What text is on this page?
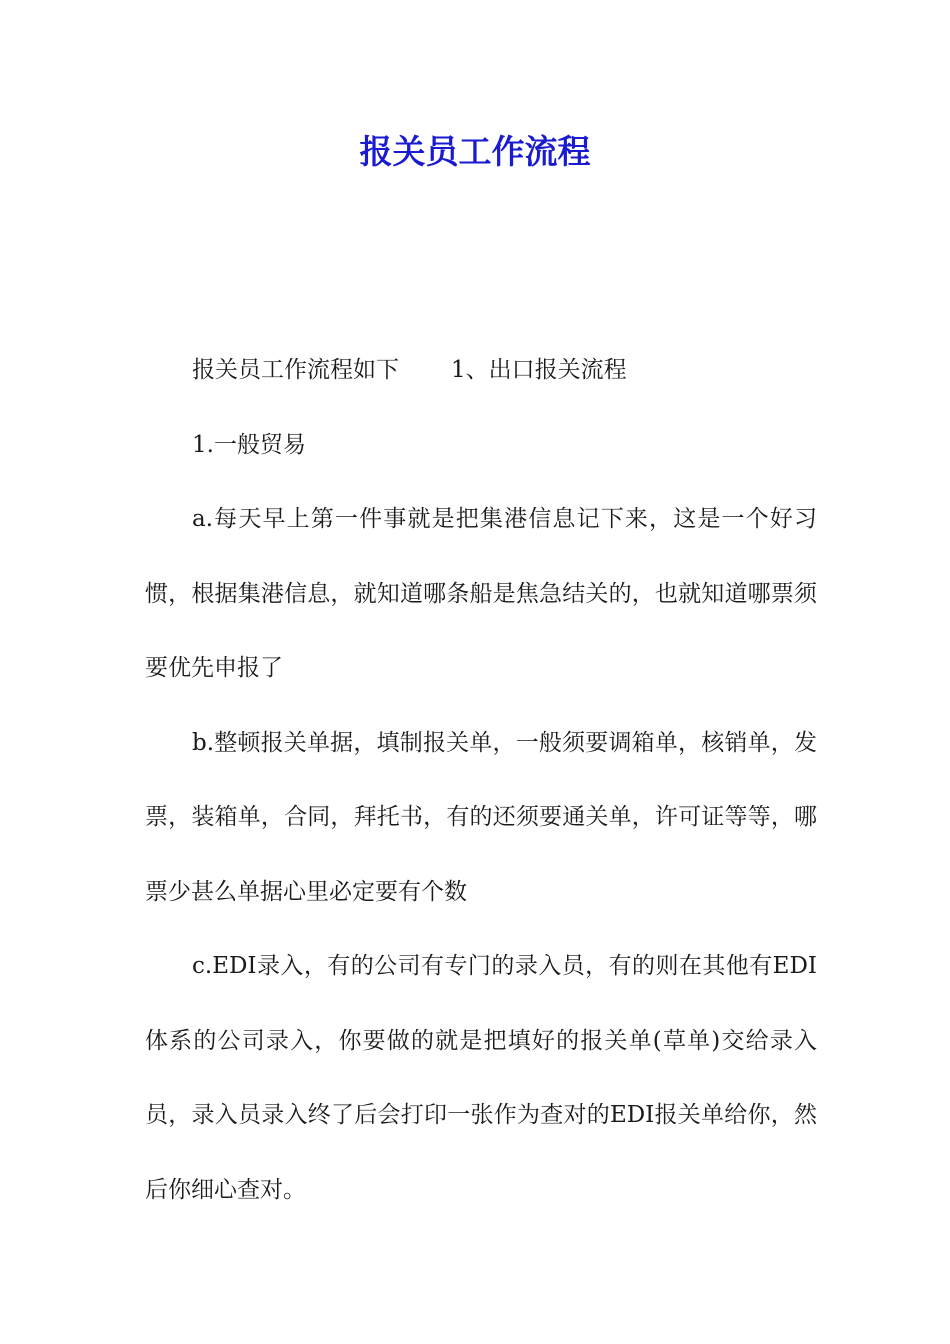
报关员工作流程

报关员工作流程如下 1、出口报关流程

1.一般贸易

a.每天早上第一件事就是把集港信息记下来，这是一个好习惯，根据集港信息，就知道哪条船是焦急结关的，也就知道哪票须要优先申报了

b.整顿报关单据，填制报关单，一般须要调箱单，核销单，发票，装箱单，合同，拜托书，有的还须要通关单，许可证等等，哪票少甚么单据心里必定要有个数

c.EDI录入，有的公司有专门的录入员，有的则在其他有EDI体系的公司录入，你要做的就是把填好的报关单(草单)交给录入员，录入员录入终了后会打印一张作为查对的EDI报关单给你，然后你细心查对。
